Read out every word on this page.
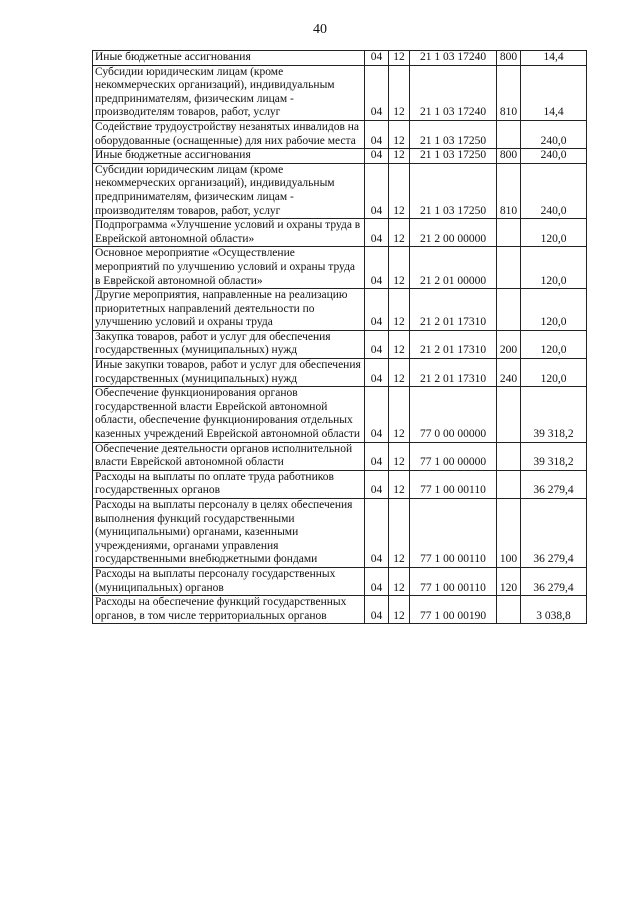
40
Иные бюджетные ассигнования	04	12	21 1 03 17240	800	14,4
Субсидии юридическим лицам (кроме некоммерческих организаций), индивидуальным предпринимателям, физическим лицам - производителям товаров, работ, услуг	04	12	21 1 03 17240	810	14,4
Содействие трудоустройству незанятых инвалидов на оборудованные (оснащенные) для них рабочие места	04	12	21 1 03 17250		240,0
Иные бюджетные ассигнования	04	12	21 1 03 17250	800	240,0
Субсидии юридическим лицам (кроме некоммерческих организаций), индивидуальным предпринимателям, физическим лицам - производителям товаров, работ, услуг	04	12	21 1 03 17250	810	240,0
Подпрограмма «Улучшение условий и охраны труда в Еврейской автономной области»	04	12	21 2 00 00000		120,0
Основное мероприятие «Осуществление мероприятий по улучшению условий и охраны труда в Еврейской автономной области»	04	12	21 2 01 00000		120,0
Другие мероприятия, направленные на реализацию приоритетных направлений деятельности по улучшению условий и охраны труда	04	12	21 2 01 17310		120,0
Закупка товаров, работ и услуг для обеспечения государственных (муниципальных) нужд	04	12	21 2 01 17310	200	120,0
Иные закупки товаров, работ и услуг для обеспечения государственных (муниципальных) нужд	04	12	21 2 01 17310	240	120,0
Обеспечение функционирования органов государственной власти Еврейской автономной области, обеспечение функционирования отдельных казенных учреждений Еврейской автономной области	04	12	77 0 00 00000		39 318,2
Обеспечение деятельности органов исполнительной власти Еврейской автономной области	04	12	77 1 00 00000		39 318,2
Расходы на выплаты по оплате труда работников государственных органов	04	12	77 1 00 00110		36 279,4
Расходы на выплаты персоналу в целях обеспечения выполнения функций государственными (муниципальными) органами, казенными учреждениями, органами управления государственными внебюджетными фондами	04	12	77 1 00 00110	100	36 279,4
Расходы на выплаты персоналу государственных (муниципальных) органов	04	12	77 1 00 00110	120	36 279,4
Расходы на обеспечение функций государственных органов, в том числе территориальных органов	04	12	77 1 00 00190		3 038,8
